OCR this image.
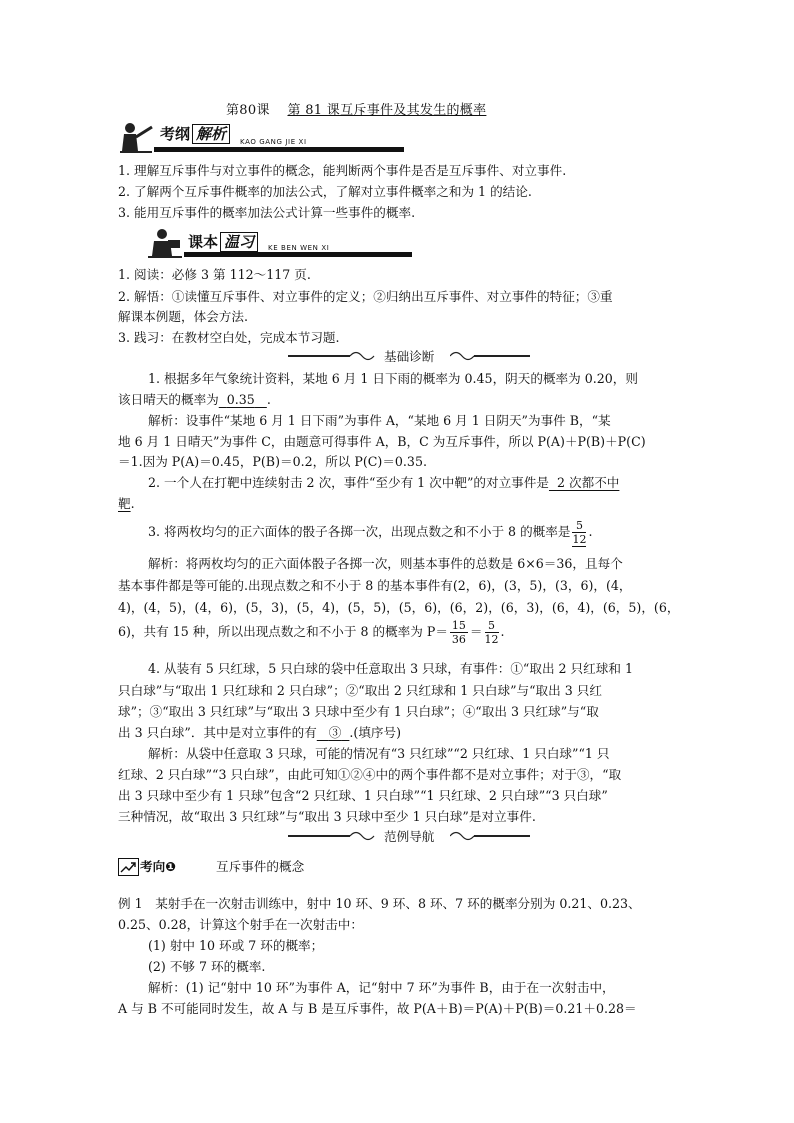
第80课 第 81 课互斥事件及其发生的概率
考纲 解析	KAO GANG JIE XI
1. 理解互斥事件与对立事件的概念，能判断两个事件是否是互斥事件、对立事件.
2. 了解两个互斥事件概率的加法公式，了解对立事件概率之和为 1 的结论.
3. 能用互斥事件的概率加法公式计算一些事件的概率.
课本 温习	KE BEN WEN XI
1. 阅读：必修 3 第 112～117 页.
2. 解悟：①读懂互斥事件、对立事件的定义；②归纳出互斥事件、对立事件的特征；③重
解课本例题，体会方法.
3. 践习：在教材空白处，完成本节习题.
基础诊断
1. 根据多年气象统计资料，某地 6 月 1 日下雨的概率为 0.45，阴天的概率为 0.20，则
该日晴天的概率为 0.35 .
解析：设事件“某地 6 月 1 日下雨”为事件 A，“某地 6 月 1 日阴天”为事件 B，“某
地 6 月 1 日晴天”为事件 C，由题意可得事件 A，B，C 为互斥事件，所以 P(A)＋P(B)＋P(C)
＝1.因为 P(A)＝0.45，P(B)＝0.2，所以 P(C)＝0.35.
2. 一个人在打靶中连续射击 2 次，事件“至少有 1 次中靶”的对立事件是 2 次都不中
靶.
3. 将两枚均匀的正六面体的骰子各掷一次，出现点数之和不小于 8 的概率是 $\frac{5}{12}$ .
解析：将两枚均匀的正六面体骰子各掷一次，则基本事件的总数是 6×6＝36，且每个
基本事件都是等可能的.出现点数之和不小于 8 的基本事件有(2，6)，(3，5)，(3，6)，(4，
4)，(4，5)，(4，6)，(5，3)，(5，4)，(5，5)，(5，6)，(6，2)，(6，3)，(6，4)，(6，5)，(6，
6)，共有 15 种，所以出现点数之和不小于 8 的概率为 $P= \frac{15}{36} = \frac{5}{12}$ .
4. 从装有 5 只红球，5 只白球的袋中任意取出 3 只球，有事件：①“取出 2 只红球和 1
只白球”与“取出 1 只红球和 2 只白球”；②“取出 2 只红球和 1 只白球”与“取出 3 只红
球”；③“取出 3 只红球”与“取出 3 只球中至少有 1 只白球”；④“取出 3 只红球”与“取
出 3 只白球”．其中是对立事件的有 ③ .(填序号)
解析：从袋中任意取 3 只球，可能的情况有“3 只红球”“2 只红球、1 只白球”“1 只
红球、2 只白球”“3 只白球”，由此可知①②④中的两个事件都不是对立事件；对于③，“取
出 3 只球中至少有 1 只球”包含“2 只红球、1 只白球”“1 只红球、2 只白球”“3 只白球”
三种情况，故“取出 3 只红球”与“取出 3 只球中至少 1 只白球”是对立事件.
范例导航
考向❶	互斥事件的概念
例 1　某射手在一次射击训练中，射中 10 环、9 环、8 环、7 环的概率分别为 0.21、0.23、
0.25、0.28，计算这个射手在一次射击中：
(1) 射中 10 环或 7 环的概率；
(2) 不够 7 环的概率.
解析：(1) 记“射中 10 环”为事件 A，记“射中 7 环”为事件 B，由于在一次射击中，
A 与 B 不可能同时发生，故 A 与 B 是互斥事件，故 P(A＋B)＝P(A)＋P(B)＝0.21＋0.28＝
